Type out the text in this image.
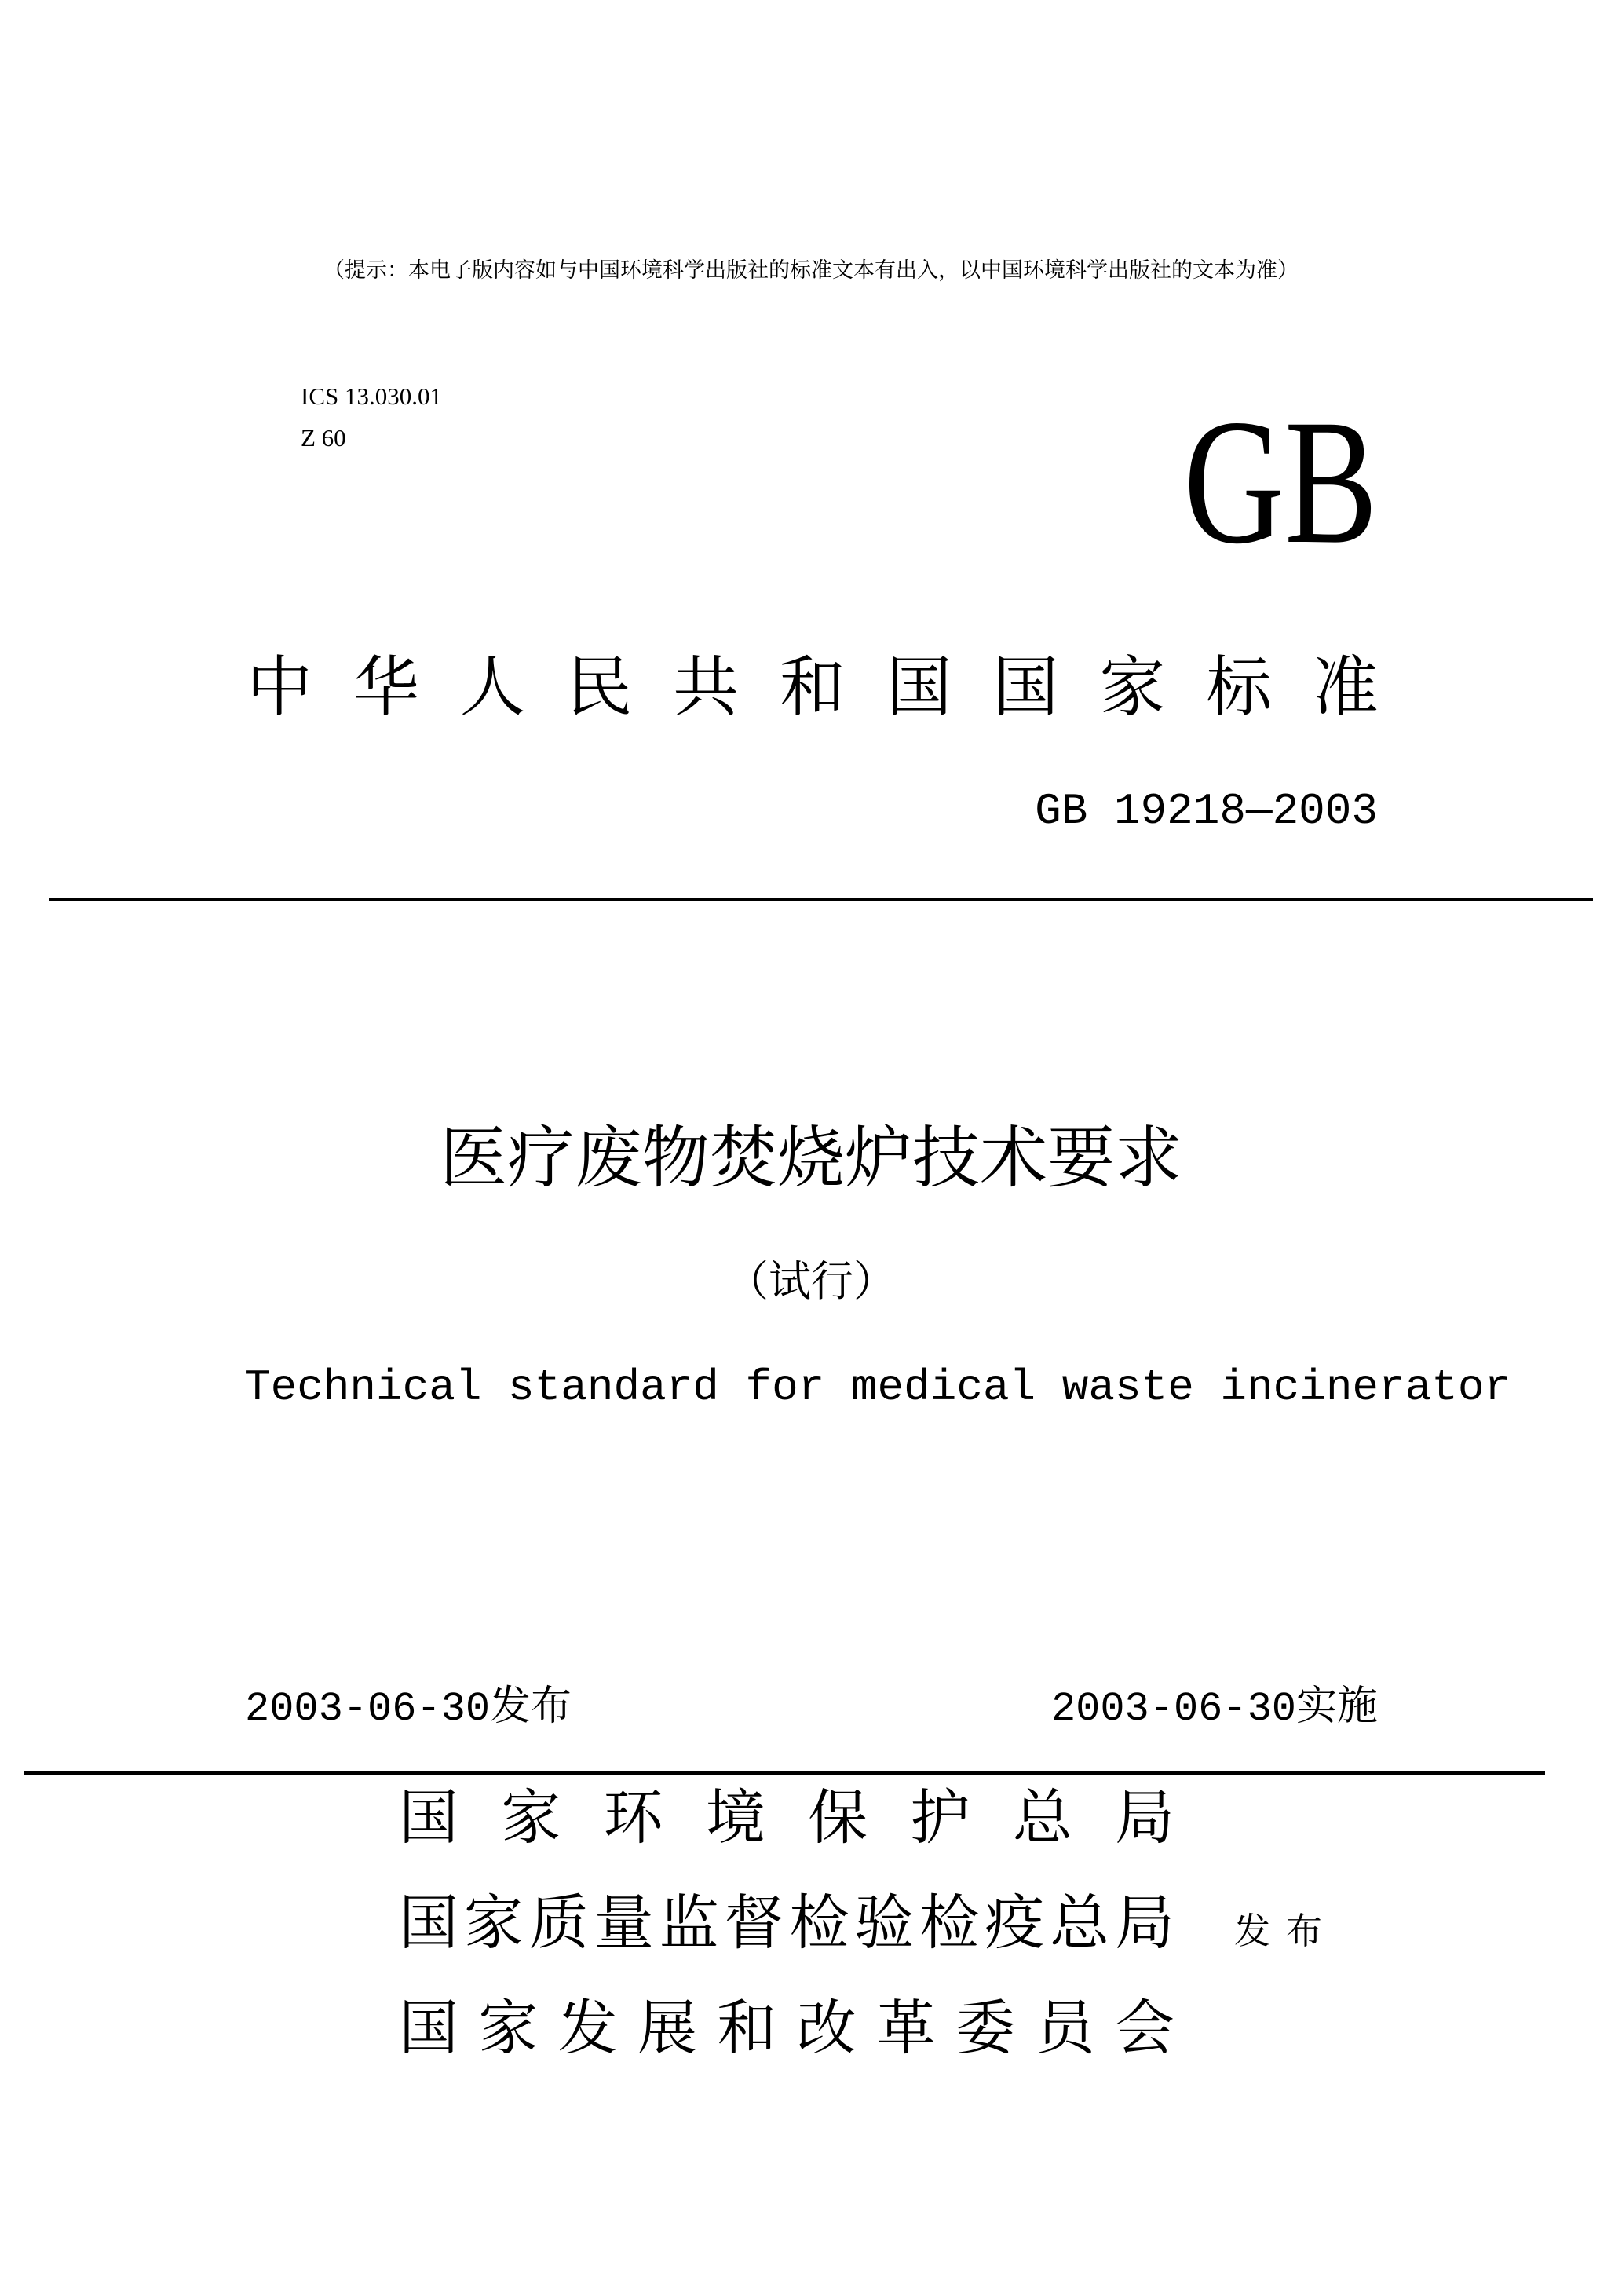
（提示：本电子版内容如与中国环境科学出版社的标准文本有出入，以中国环境科学出版社的文本为准）
ICS 13.030.01
Z 60	GB
中 华 人 民 共 和 国 国 家 标 准
GB 19218—2003
医疗废物焚烧炉技术要求
（试行）
Technical standard for medical waste incinerator
2003-06-30发布	2003-06-30实施
国 家 环 境 保 护 总 局
国 家 质 量 监 督 检 验 检 疫 总 局 发布
国 家 发 展 和 改 革 委 员 会
